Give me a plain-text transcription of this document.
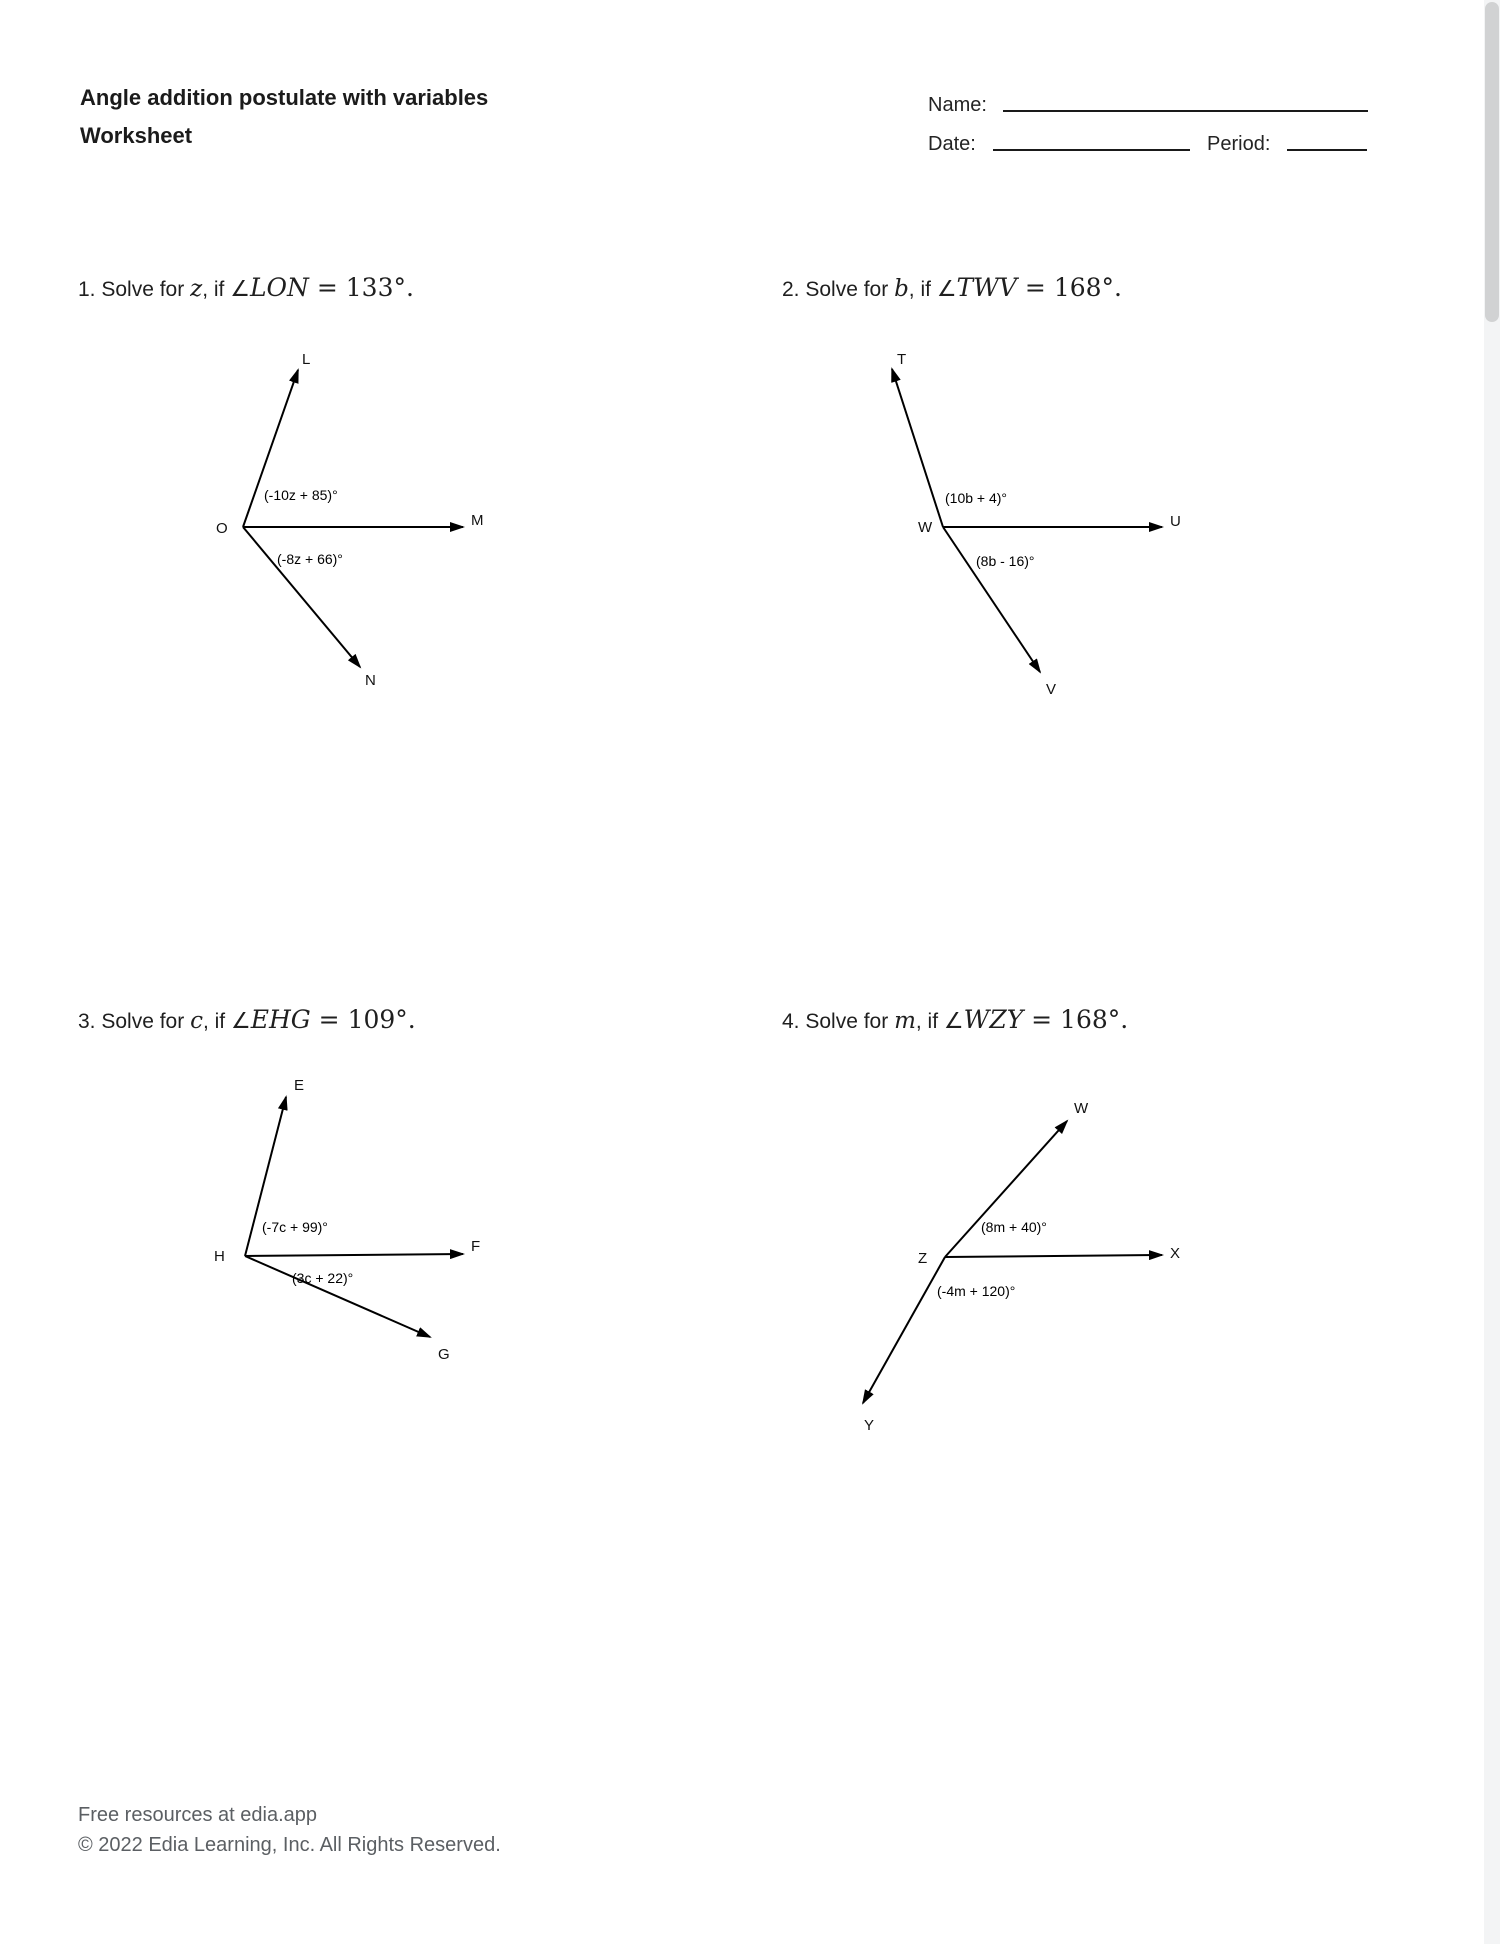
Angle addition postulate with variables
Worksheet
Name:
Date:	Period:
1. Solve for z, if ∠LON = 133°.	2. Solve for b, if ∠TWV = 168°.
O
L
M
N
(-10z + 85)°
(-8z + 66)°
W
T
U
V
(10b + 4)°
(8b - 16)°
3. Solve for c, if ∠EHG = 109°.	4. Solve for m, if ∠WZY = 168°.
H
E
F
G
(-7c + 99)°
(3c + 22)°
Z
W
X
Y
(8m + 40)°
(-4m + 120)°
Free resources at edia.app
© 2022 Edia Learning, Inc. All Rights Reserved.
